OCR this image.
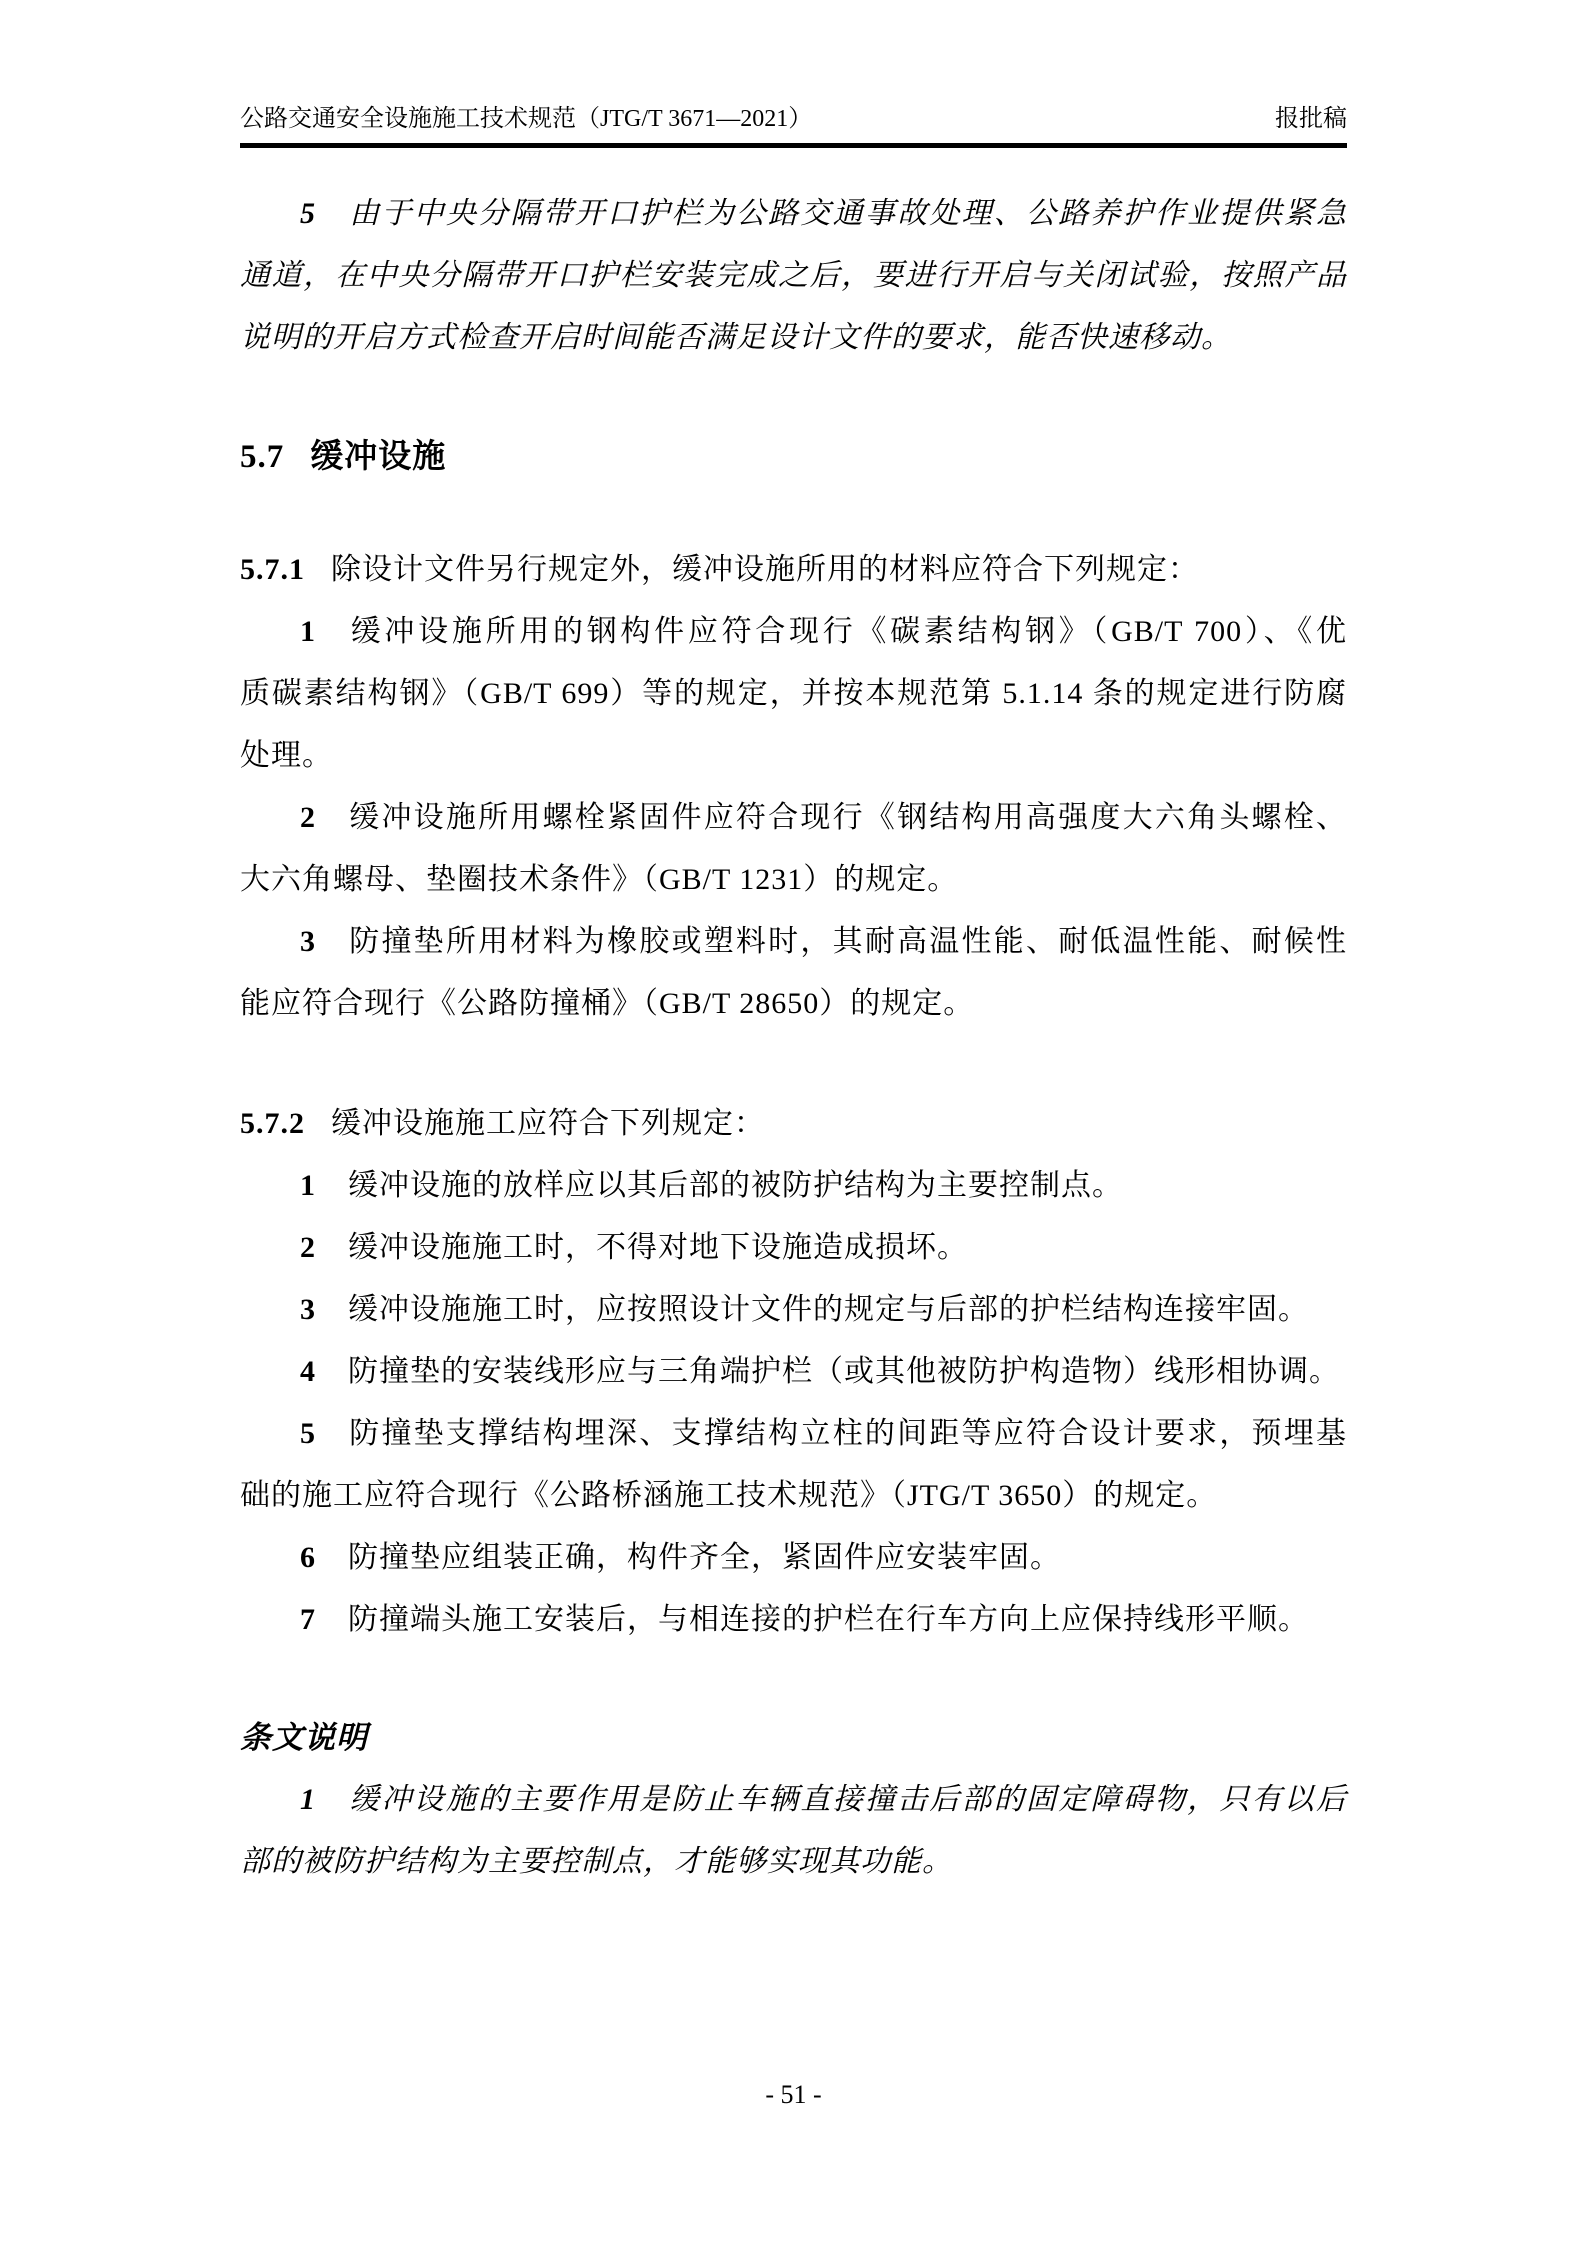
公路交通安全设施施工技术规范（JTG/T 3671—2021）	报批稿
5 由于中央分隔带开口护栏为公路交通事故处理、公路养护作业提供紧急
通道，在中央分隔带开口护栏安装完成之后，要进行开启与关闭试验，按照产品
说明的开启方式检查开启时间能否满足设计文件的要求，能否快速移动。
5.7 缓冲设施
5.7.1 除设计文件另行规定外，缓冲设施所用的材料应符合下列规定：
1 缓冲设施所用的钢构件应符合现行《碳素结构钢》（GB/T 700）、《优
质碳素结构钢》（GB/T 699）等的规定，并按本规范第 5.1.14 条的规定进行防腐
处理。
2 缓冲设施所用螺栓紧固件应符合现行《钢结构用高强度大六角头螺栓、
大六角螺母、垫圈技术条件》（GB/T 1231）的规定。
3 防撞垫所用材料为橡胶或塑料时，其耐高温性能、耐低温性能、耐候性
能应符合现行《公路防撞桶》（GB/T 28650）的规定。
5.7.2 缓冲设施施工应符合下列规定：
1 缓冲设施的放样应以其后部的被防护结构为主要控制点。
2 缓冲设施施工时，不得对地下设施造成损坏。
3 缓冲设施施工时，应按照设计文件的规定与后部的护栏结构连接牢固。
4 防撞垫的安装线形应与三角端护栏（或其他被防护构造物）线形相协调。
5 防撞垫支撑结构埋深、支撑结构立柱的间距等应符合设计要求，预埋基
础的施工应符合现行《公路桥涵施工技术规范》（JTG/T 3650）的规定。
6 防撞垫应组装正确，构件齐全，紧固件应安装牢固。
7 防撞端头施工安装后，与相连接的护栏在行车方向上应保持线形平顺。
条文说明
1 缓冲设施的主要作用是防止车辆直接撞击后部的固定障碍物，只有以后
部的被防护结构为主要控制点，才能够实现其功能。
- 51 -
